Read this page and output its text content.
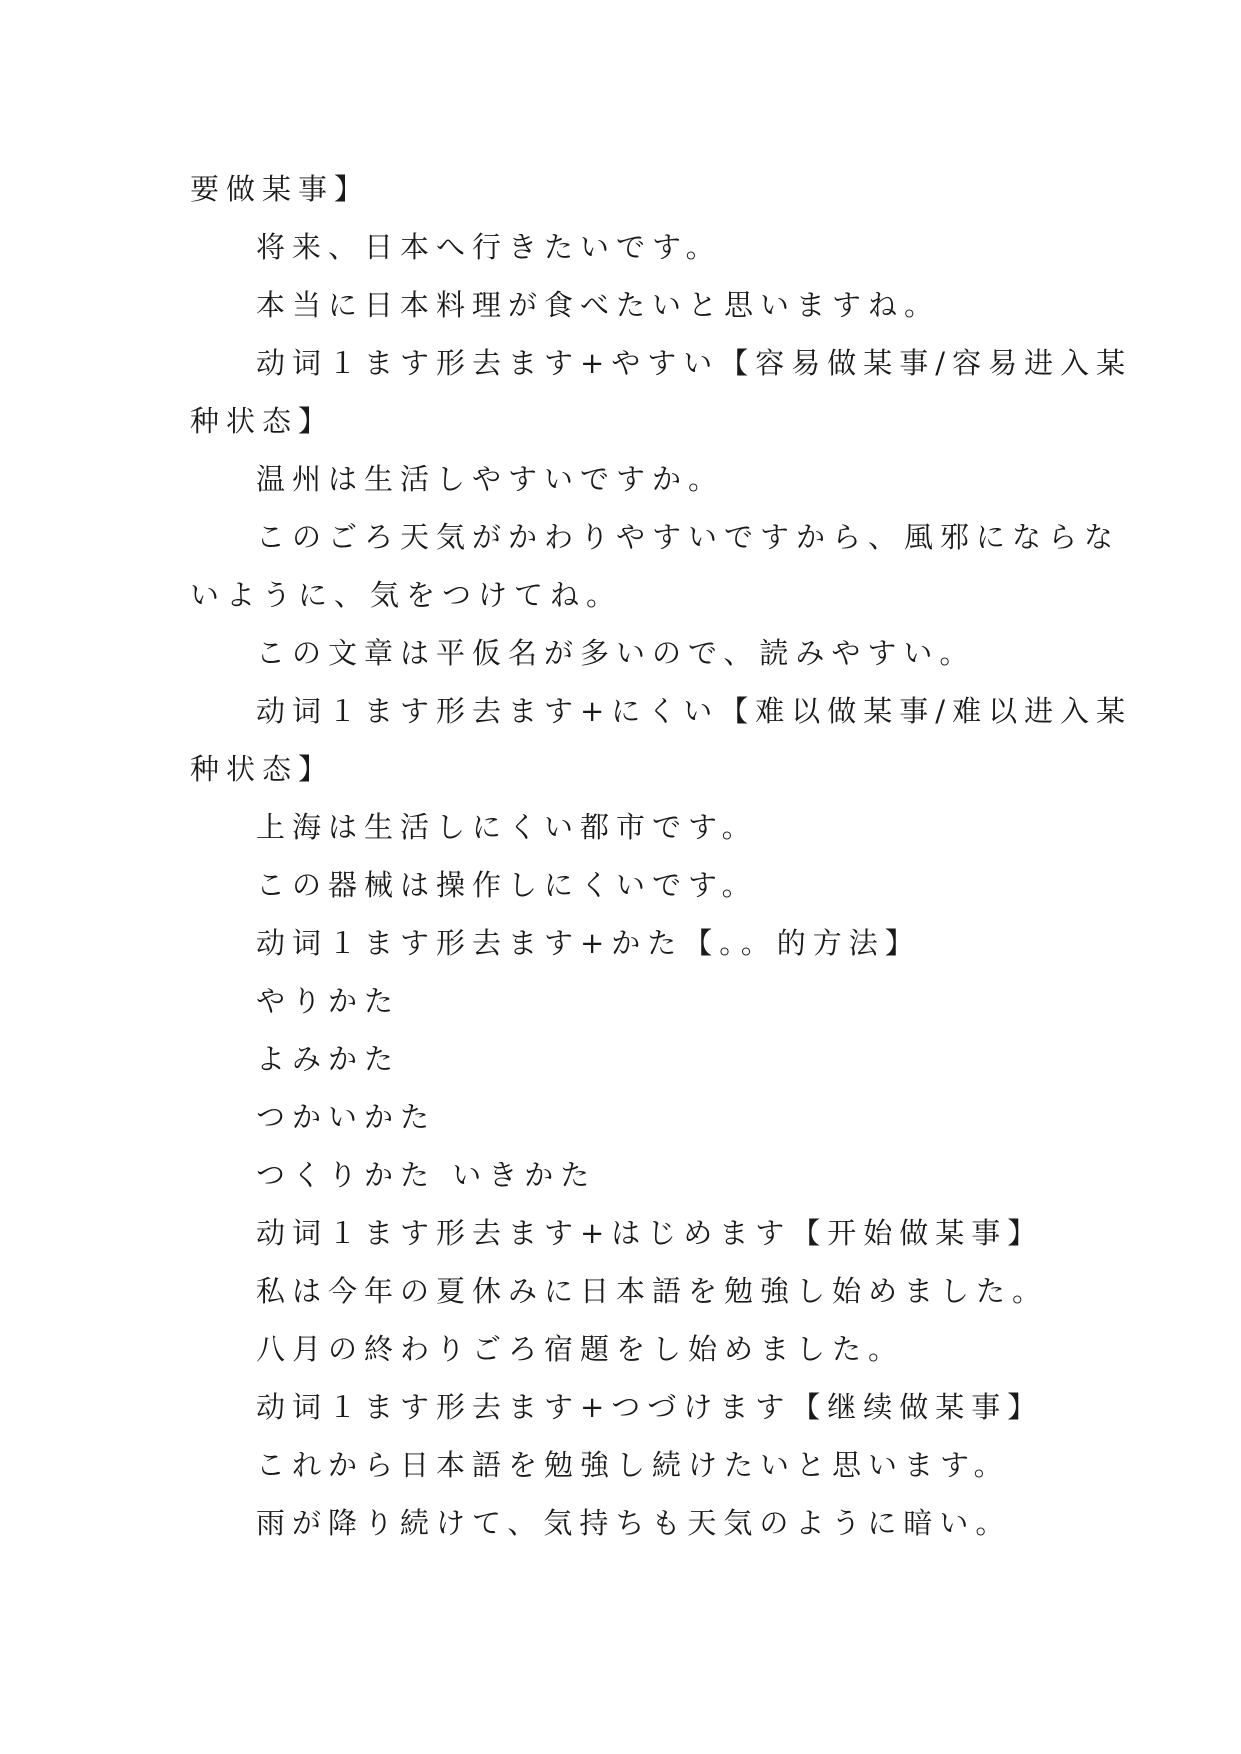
要做某事】
将来、日本へ行きたいです。
本当に日本料理が食べたいと思いますね。
动词１ます形去ます+やすい【容易做某事/容易进入某
种状态】
温州は生活しやすいですか。
このごろ天気がかわりやすいですから、風邪にならな
いように、気をつけてね。
この文章は平仮名が多いので、読みやすい。
动词１ます形去ます+にくい【难以做某事/难以进入某
种状态】
上海は生活しにくい都市です。
この器械は操作しにくいです。
动词１ます形去ます+かた【。。的方法】
やりかた
よみかた
つかいかた
つくりかた いきかた
动词１ます形去ます+はじめます【开始做某事】
私は今年の夏休みに日本語を勉強し始めました。
八月の終わりごろ宿題をし始めました。
动词１ます形去ます+つづけます【继续做某事】
これから日本語を勉強し続けたいと思います。
雨が降り続けて、気持ちも天気のように暗い。
